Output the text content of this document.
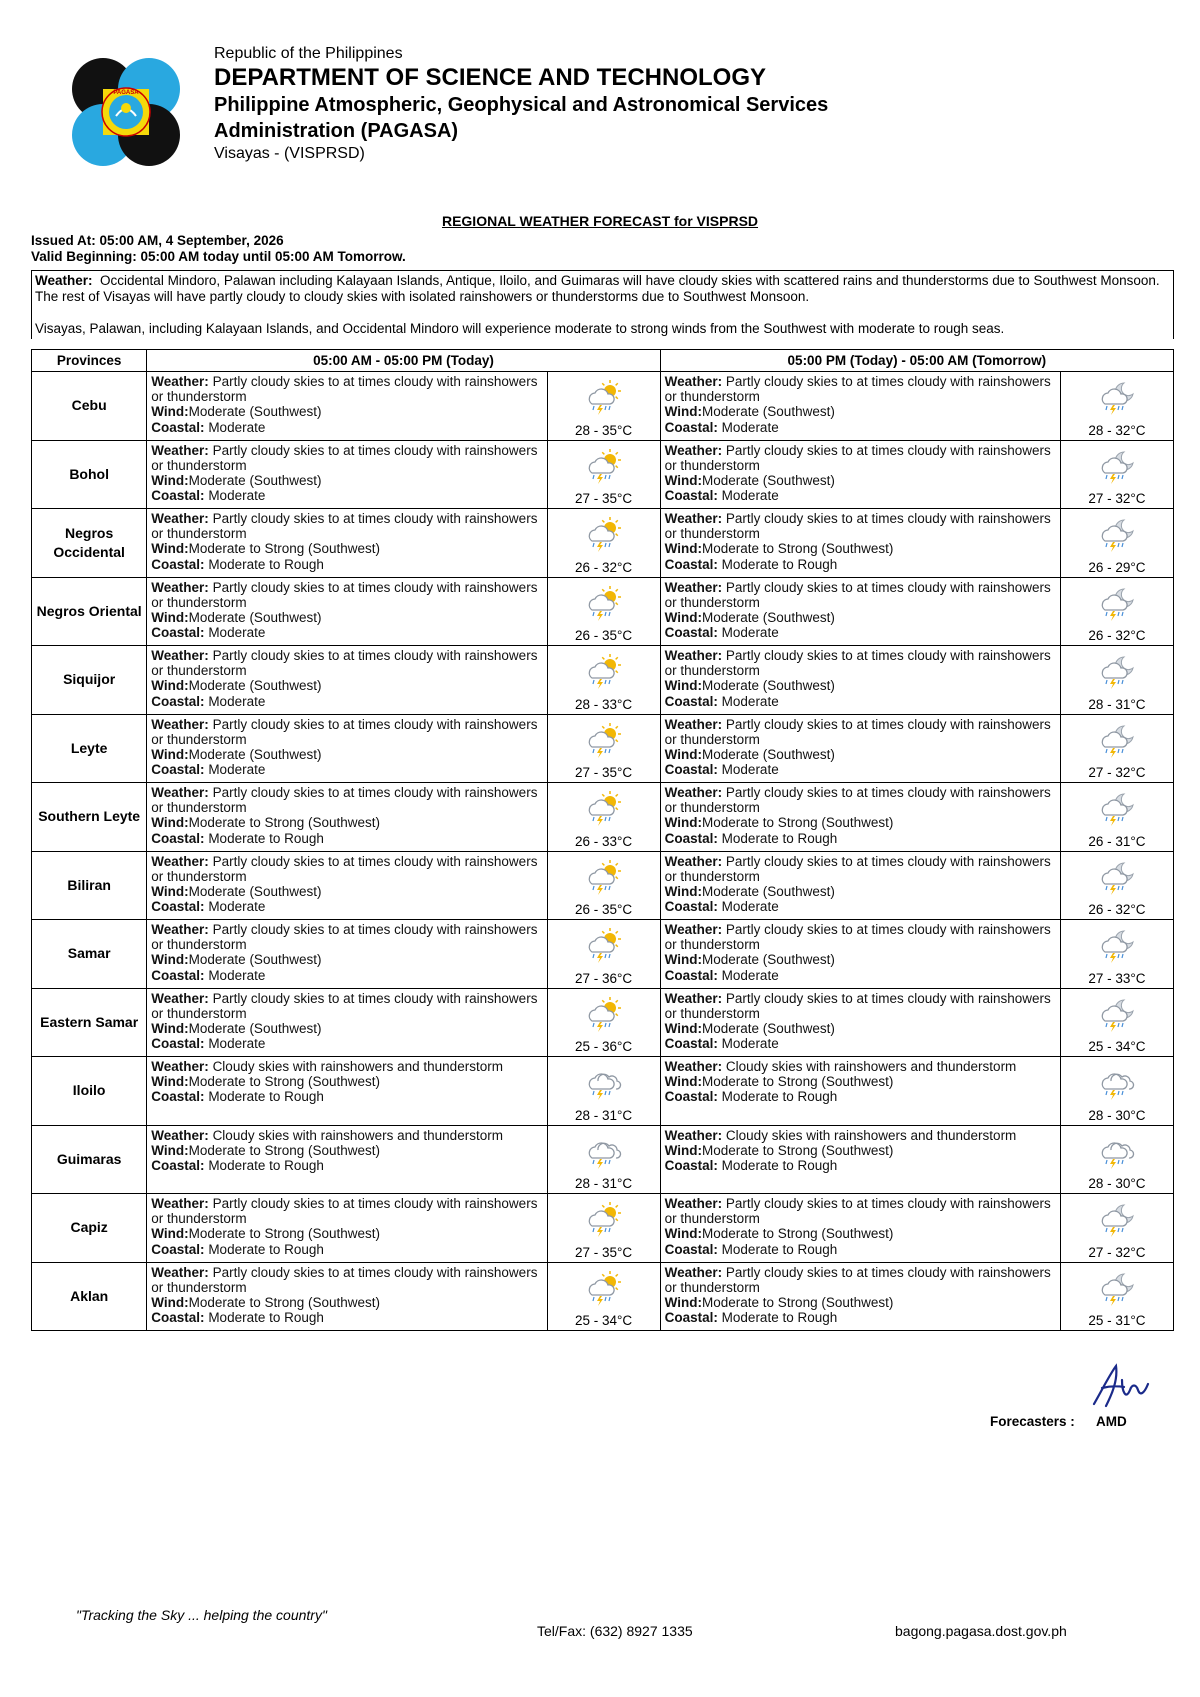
PAGASA
Republic of the Philippines
DEPARTMENT OF SCIENCE AND TECHNOLOGY
Philippine Atmospheric, Geophysical and Astronomical Services
Administration (PAGASA)
Visayas - (VISPRSD)
REGIONAL WEATHER FORECAST for VISPRSD
Issued At: 05:00 AM, 4 September, 2026
Valid Beginning: 05:00 AM today until 05:00 AM Tomorrow.

Weather: Occidental Mindoro, Palawan including Kalayaan Islands, Antique, Iloilo, and Guimaras will have cloudy skies with scattered rains and thunderstorms due to Southwest Monsoon. The rest of Visayas will have partly cloudy to cloudy skies with isolated rainshowers or thunderstorms due to Southwest Monsoon.

Visayas, Palawan, including Kalayaan Islands, and Occidental Mindoro will experience moderate to strong winds from the Southwest with moderate to rough seas.

Provinces	05:00 AM - 05:00 PM (Today)		05:00 PM (Today) - 05:00 AM (Tomorrow)	
Cebu	Weather: Partly cloudy skies to at times cloudy with rainshowers or thunderstorm
Wind:Moderate (Southwest)
Coastal: Moderate	28 - 35°C	Weather: Partly cloudy skies to at times cloudy with rainshowers or thunderstorm
Wind:Moderate (Southwest)
Coastal: Moderate	28 - 32°C

Bohol	Weather: Partly cloudy skies to at times cloudy with rainshowers or thunderstorm
Wind:Moderate (Southwest)
Coastal: Moderate	27 - 35°C	Weather: Partly cloudy skies to at times cloudy with rainshowers or thunderstorm
Wind:Moderate (Southwest)
Coastal: Moderate	27 - 32°C

Negros Occidental	Weather: Partly cloudy skies to at times cloudy with rainshowers or thunderstorm
Wind:Moderate to Strong (Southwest)
Coastal: Moderate to Rough	26 - 32°C	Weather: Partly cloudy skies to at times cloudy with rainshowers or thunderstorm
Wind:Moderate to Strong (Southwest)
Coastal: Moderate to Rough	26 - 29°C

Negros Oriental	Weather: Partly cloudy skies to at times cloudy with rainshowers or thunderstorm
Wind:Moderate (Southwest)
Coastal: Moderate	26 - 35°C	Weather: Partly cloudy skies to at times cloudy with rainshowers or thunderstorm
Wind:Moderate (Southwest)
Coastal: Moderate	26 - 32°C

Siquijor	Weather: Partly cloudy skies to at times cloudy with rainshowers or thunderstorm
Wind:Moderate (Southwest)
Coastal: Moderate	28 - 33°C	Weather: Partly cloudy skies to at times cloudy with rainshowers or thunderstorm
Wind:Moderate (Southwest)
Coastal: Moderate	28 - 31°C

Leyte	Weather: Partly cloudy skies to at times cloudy with rainshowers or thunderstorm
Wind:Moderate (Southwest)
Coastal: Moderate	27 - 35°C	Weather: Partly cloudy skies to at times cloudy with rainshowers or thunderstorm
Wind:Moderate (Southwest)
Coastal: Moderate	27 - 32°C

Southern Leyte	Weather: Partly cloudy skies to at times cloudy with rainshowers or thunderstorm
Wind:Moderate to Strong (Southwest)
Coastal: Moderate to Rough	26 - 33°C	Weather: Partly cloudy skies to at times cloudy with rainshowers or thunderstorm
Wind:Moderate to Strong (Southwest)
Coastal: Moderate to Rough	26 - 31°C

Biliran	Weather: Partly cloudy skies to at times cloudy with rainshowers or thunderstorm
Wind:Moderate (Southwest)
Coastal: Moderate	26 - 35°C	Weather: Partly cloudy skies to at times cloudy with rainshowers or thunderstorm
Wind:Moderate (Southwest)
Coastal: Moderate	26 - 32°C

Samar	Weather: Partly cloudy skies to at times cloudy with rainshowers or thunderstorm
Wind:Moderate (Southwest)
Coastal: Moderate	27 - 36°C	Weather: Partly cloudy skies to at times cloudy with rainshowers or thunderstorm
Wind:Moderate (Southwest)
Coastal: Moderate	27 - 33°C

Eastern Samar	Weather: Partly cloudy skies to at times cloudy with rainshowers or thunderstorm
Wind:Moderate (Southwest)
Coastal: Moderate	25 - 36°C	Weather: Partly cloudy skies to at times cloudy with rainshowers or thunderstorm
Wind:Moderate (Southwest)
Coastal: Moderate	25 - 34°C

Iloilo	Weather: Cloudy skies with rainshowers and thunderstorm
Wind:Moderate to Strong (Southwest)
Coastal: Moderate to Rough	28 - 31°C	Weather: Cloudy skies with rainshowers and thunderstorm
Wind:Moderate to Strong (Southwest)
Coastal: Moderate to Rough	28 - 30°C

Guimaras	Weather: Cloudy skies with rainshowers and thunderstorm
Wind:Moderate to Strong (Southwest)
Coastal: Moderate to Rough	28 - 31°C	Weather: Cloudy skies with rainshowers and thunderstorm
Wind:Moderate to Strong (Southwest)
Coastal: Moderate to Rough	28 - 30°C

Capiz	Weather: Partly cloudy skies to at times cloudy with rainshowers or thunderstorm
Wind:Moderate to Strong (Southwest)
Coastal: Moderate to Rough	27 - 35°C	Weather: Partly cloudy skies to at times cloudy with rainshowers or thunderstorm
Wind:Moderate to Strong (Southwest)
Coastal: Moderate to Rough	27 - 32°C

Aklan	Weather: Partly cloudy skies to at times cloudy with rainshowers or thunderstorm
Wind:Moderate to Strong (Southwest)
Coastal: Moderate to Rough	25 - 34°C	Weather: Partly cloudy skies to at times cloudy with rainshowers or thunderstorm
Wind:Moderate to Strong (Southwest)
Coastal: Moderate to Rough	25 - 31°C
Forecasters : AMD
"Tracking the Sky ... helping the country"
Tel/Fax: (632) 8927 1335	bagong.pagasa.dost.gov.ph
